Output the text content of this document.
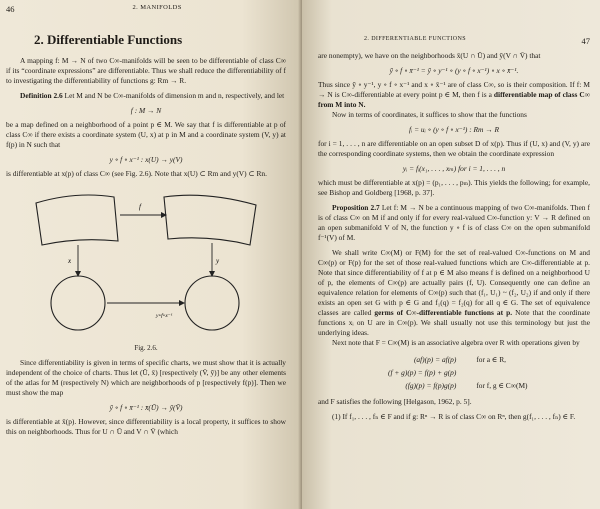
46	2. MANIFOLDS
2. Differentiable Functions

A mapping f: M → N of two C∞-manifolds will be seen to be differentiable of class C∞ if its “coordinate expressions” are differentiable. Thus we shall reduce the differentiability of f to investigating the differentiability of functions g: Rm → R.

Definition 2.6 Let M and N be C∞-manifolds of dimension m and n, respectively, and let

f : M → N

be a map defined on a neighborhood of a point p ∈ M. We say that f is differentiable at p of class C∞ if there exists a coordinate system (U, x) at p in M and a coordinate system (V, y) at f(p) in N such that

y ∘ f ∘ x⁻¹ : x(U) → y(V)

is differentiable at x(p) of class C∞ (see Fig. 2.6). Note that x(U) ⊂ Rm and y(V) ⊂ Rn.

f
x	y
y∘f∘x⁻¹
Fig. 2.6.

Since differentiability is given in terms of specific charts, we must show that it is actually independent of the choice of charts. Thus let (Ū, x̄) [respectively (V̄, ȳ)] be any other elements of the atlas for M (respectively N) which are neighborhoods of p [respectively f(p)]. Then we must show the map

ȳ ∘ f ∘ x̄⁻¹ : x̄(Ū) → ȳ(V̄)

is differentiable at x̄(p). However, since differentiability is a local property, it suffices to show this on neighborhoods. Thus for U ∩ Ū and V ∩ V̄ (which

2. DIFFERENTIABLE FUNCTIONS	47

are nonempty), we have on the neighborhoods x̄(U ∩ Ū) and ȳ(V ∩ V̄) that

ȳ ∘ f ∘ x̄⁻¹ = ȳ ∘ y⁻¹ ∘ (y ∘ f ∘ x⁻¹) ∘ x ∘ x̄⁻¹.

Thus since ȳ ∘ y⁻¹, y ∘ f ∘ x⁻¹ and x ∘ x̄⁻¹ are of class C∞, so is their composition. If f: M → N is C∞-differentiable at every point p ∈ M, then f is a differentiable map of class C∞ from M into N.

Now in terms of coordinates, it suffices to show that the functions

fᵢ = uᵢ ∘ (y ∘ f ∘ x⁻¹) : Rm → R

for i = 1, . . . , n are differentiable on an open subset D of x(p). Thus if (U, x) and (V, y) are the corresponding coordinate systems, then we obtain the coordinate expression

yᵢ = fᵢ(x₁, . . . , xₘ) for i = 1, . . . , n

which must be differentiable at x(p) = (p₁, . . . , pₘ). This yields the following; for example, see Bishop and Goldberg [1968, p. 37].

Proposition 2.7 Let f: M → N be a continuous mapping of two C∞-manifolds. Then f is of class C∞ on M if and only if for every real-valued C∞-function y: V → R defined on an open submanifold V of N, the function y ∘ f is of class C∞ on the open submanifold f⁻¹(V) of M.

We shall write C∞(M) or F(M) for the set of real-valued C∞-functions on M and C∞(p) or F(p) for the set of those real-valued functions which are C∞-differentiable at p. Note that since differentiability of f at p ∈ M also means f is defined on a neighborhood U of p, the elements of C∞(p) are actually pairs (f, U). Consequently one can define an equivalence relation for elements of C∞(p) such that (f₁, U₁) ~ (f₂, U₂) if and only if there exists an open set G with p ∈ G and f₁(q) = f₂(q) for all q ∈ G. The set of equivalence classes are called germs of C∞-differentiable functions at p. Note that the coordinate functions xᵢ on U are in C∞(p). We shall usually not use this terminology but just the underlying ideas.

Next note that F = C∞(M) is an associative algebra over R with operations given by

(af)(p) = af(p)	for a ∈ R,
(f + g)(p) = f(p) + g(p)	
(fg)(p) = f(p)g(p)	for f, g ∈ C∞(M)

and F satisfies the following [Helgason, 1962, p. 5].

(1) If f₁, . . . , fₙ ∈ F and if g: Rⁿ → R is of class C∞ on Rⁿ, then g(f₁, . . . , fₙ) ∈ F.
